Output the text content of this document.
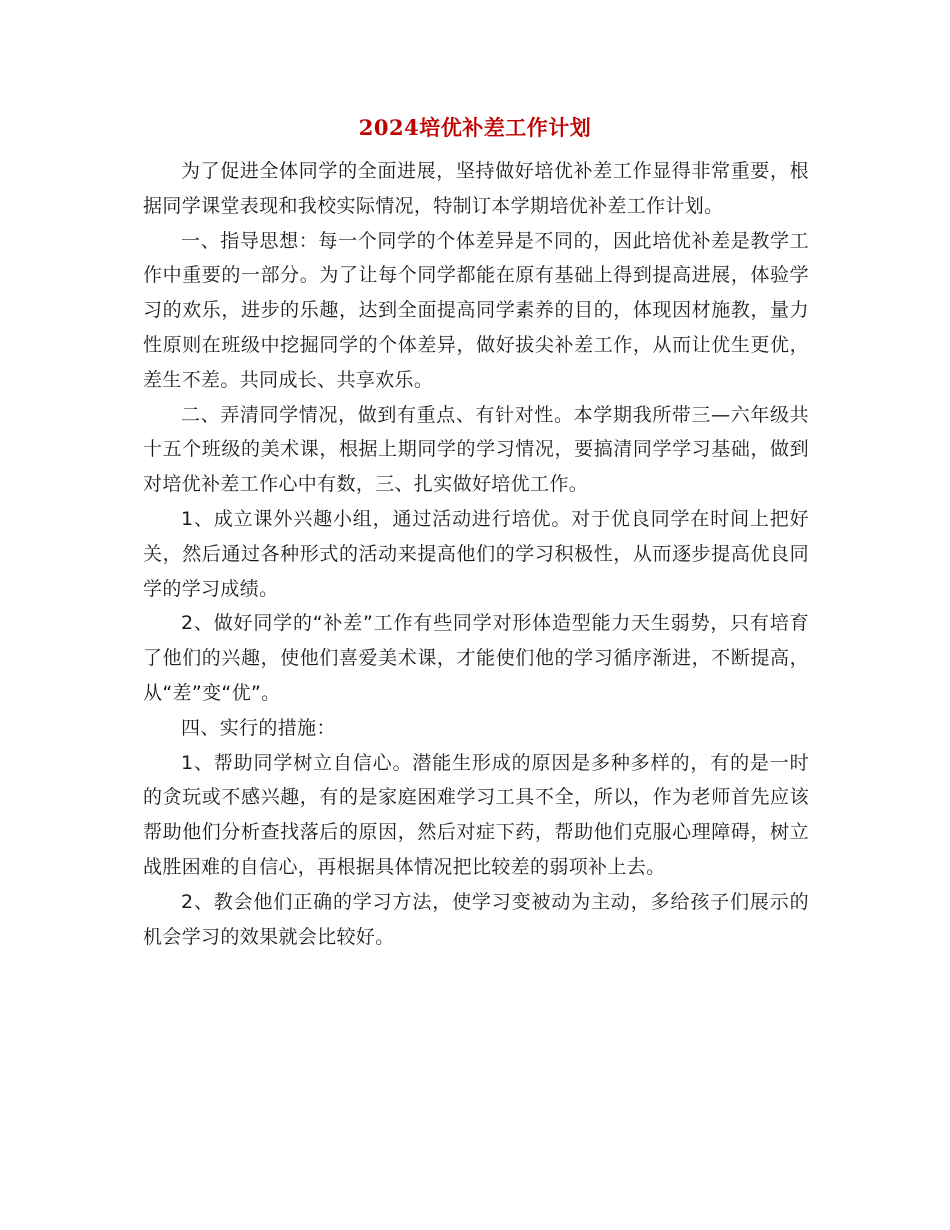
2024培优补差工作计划

为了促进全体同学的全面进展，坚持做好培优补差工作显得非常重要，根据同学课堂表现和我校实际情况，特制订本学期培优补差工作计划。

一、指导思想：每一个同学的个体差异是不同的，因此培优补差是教学工作中重要的一部分。为了让每个同学都能在原有基础上得到提高进展，体验学习的欢乐，进步的乐趣，达到全面提高同学素养的目的，体现因材施教，量力性原则在班级中挖掘同学的个体差异，做好拔尖补差工作，从而让优生更优，差生不差。共同成长、共享欢乐。

二、弄清同学情况，做到有重点、有针对性。本学期我所带三—六年级共十五个班级的美术课，根据上期同学的学习情况，要搞清同学学习基础，做到对培优补差工作心中有数，三、扎实做好培优工作。

1、成立课外兴趣小组，通过活动进行培优。对于优良同学在时间上把好关，然后通过各种形式的活动来提高他们的学习积极性，从而逐步提高优良同学的学习成绩。

2、做好同学的“补差”工作有些同学对形体造型能力天生弱势，只有培育了他们的兴趣，使他们喜爱美术课，才能使们他的学习循序渐进，不断提高，从“差”变“优”。

四、实行的措施：

1、帮助同学树立自信心。潜能生形成的原因是多种多样的，有的是一时的贪玩或不感兴趣，有的是家庭困难学习工具不全，所以，作为老师首先应该帮助他们分析查找落后的原因，然后对症下药，帮助他们克服心理障碍，树立战胜困难的自信心，再根据具体情况把比较差的弱项补上去。

2、教会他们正确的学习方法，使学习变被动为主动，多给孩子们展示的机会学习的效果就会比较好。
